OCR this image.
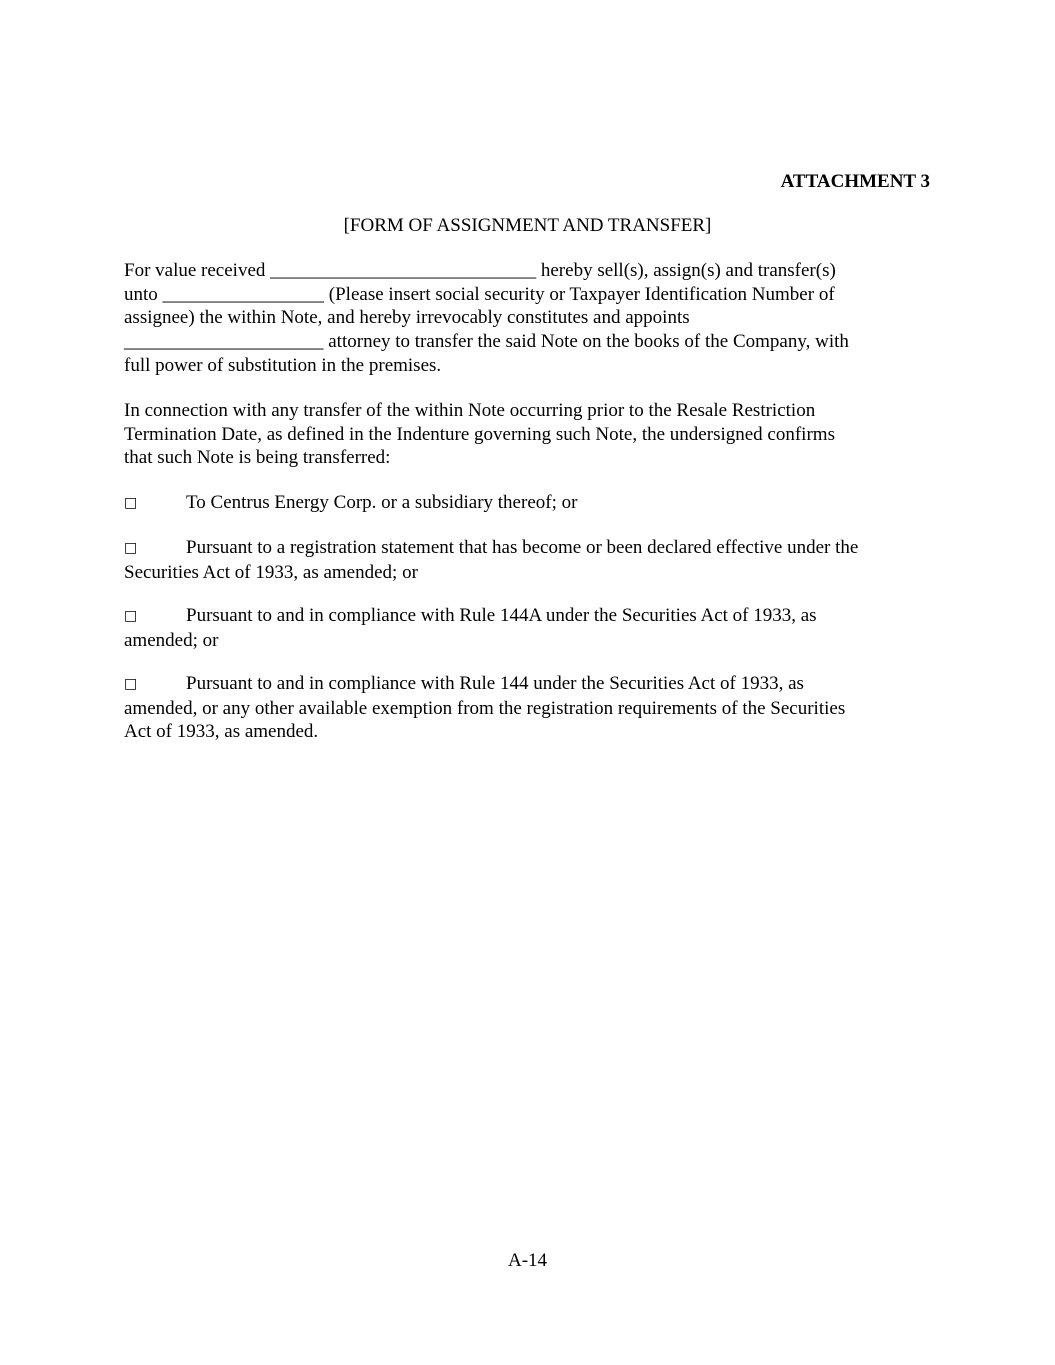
ATTACHMENT 3
[FORM OF ASSIGNMENT AND TRANSFER]
For value received ____________________________ hereby sell(s), assign(s) and transfer(s)
unto _________________ (Please insert social security or Taxpayer Identification Number of
assignee) the within Note, and hereby irrevocably constitutes and appoints
_____________________ attorney to transfer the said Note on the books of the Company, with
full power of substitution in the premises.
In connection with any transfer of the within Note occurring prior to the Resale Restriction
Termination Date, as defined in the Indenture governing such Note, the undersigned confirms
that such Note is being transferred:
□	To Centrus Energy Corp. or a subsidiary thereof; or
□	Pursuant to a registration statement that has become or been declared effective under the
Securities Act of 1933, as amended; or
□	Pursuant to and in compliance with Rule 144A under the Securities Act of 1933, as
amended; or
□	Pursuant to and in compliance with Rule 144 under the Securities Act of 1933, as
amended, or any other available exemption from the registration requirements of the Securities
Act of 1933, as amended.
A-14
